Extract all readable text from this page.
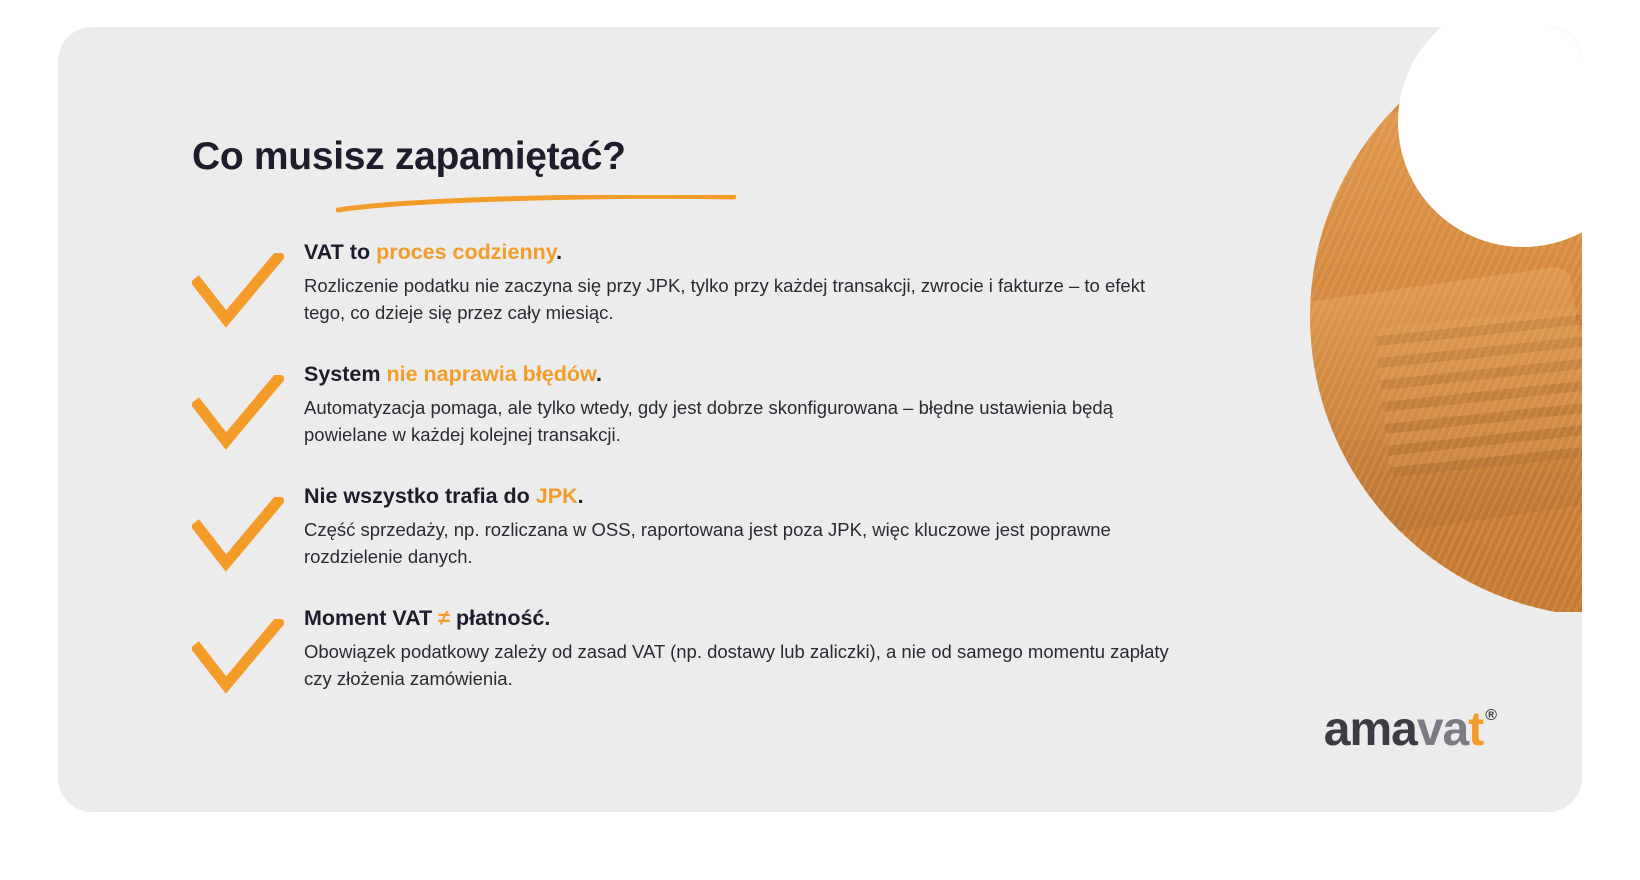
Co musisz zapamiętać?
VAT to proces codzienny.
Rozliczenie podatku nie zaczyna się przy JPK, tylko przy każdej transakcji, zwrocie i fakturze – to efekt tego, co dzieje się przez cały miesiąc.
System nie naprawia błędów.
Automatyzacja pomaga, ale tylko wtedy, gdy jest dobrze skonfigurowana – błędne ustawienia będą powielane w każdej kolejnej transakcji.
Nie wszystko trafia do JPK.
Część sprzedaży, np. rozliczana w OSS, raportowana jest poza JPK, więc kluczowe jest poprawne rozdzielenie danych.
Moment VAT ≠ płatność.
Obowiązek podatkowy zależy od zasad VAT (np. dostawy lub zaliczki), a nie od samego momentu zapłaty czy złożenia zamówienia.
ama va t ®
